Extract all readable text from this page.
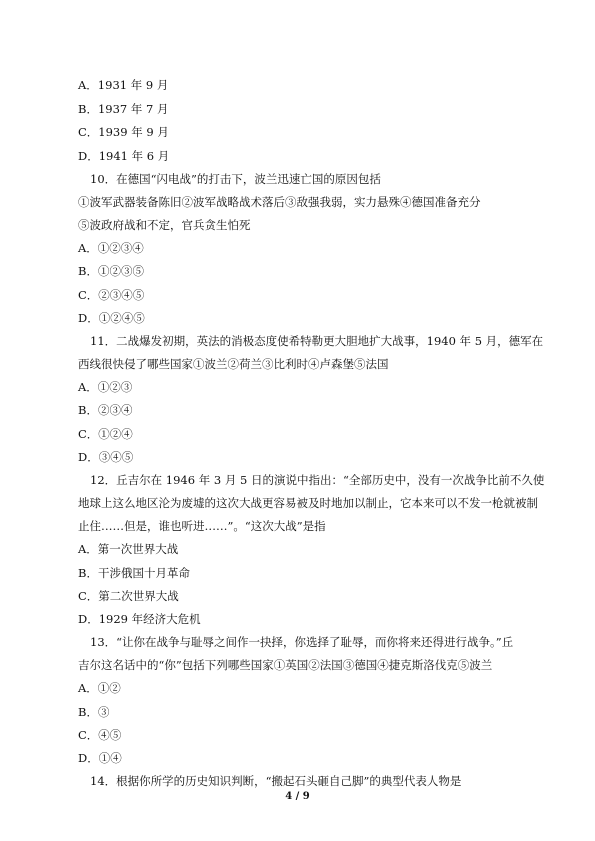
A．1931 年 9 月
B．1937 年 7 月
C．1939 年 9 月
D．1941 年 6 月
10．在德国“闪电战”的打击下，波兰迅速亡国的原因包括
①波军武器装备陈旧②波军战略战术落后③敌强我弱，实力悬殊④德国准备充分
⑤波政府战和不定，官兵贪生怕死
A．①②③④
B．①②③⑤
C．②③④⑤
D．①②④⑤
11．二战爆发初期，英法的消极态度使希特勒更大胆地扩大战事，1940 年 5 月，德军在
西线很快侵了哪些国家①波兰②荷兰③比利时④卢森堡⑤法国
A．①②③
B．②③④
C．①②④
D．③④⑤
12．丘吉尔在 1946 年 3 月 5 日的演说中指出：“全部历史中，没有一次战争比前不久使
地球上这么地区沦为废墟的这次大战更容易被及时地加以制止，它本来可以不发一枪就被制
止住……但是，谁也听进……”。“这次大战”是指
A．第一次世界大战
B．干涉俄国十月革命
C．第二次世界大战
D．1929 年经济大危机
13．“让你在战争与耻辱之间作一抉择，你选择了耻辱，而你将来还得进行战争。”丘
吉尔这名话中的“你”包括下列哪些国家①英国②法国③德国④捷克斯洛伐克⑤波兰
A．①②
B．③
C．④⑤
D．①④
14．根据你所学的历史知识判断，“搬起石头砸自己脚”的典型代表人物是
4 / 9
